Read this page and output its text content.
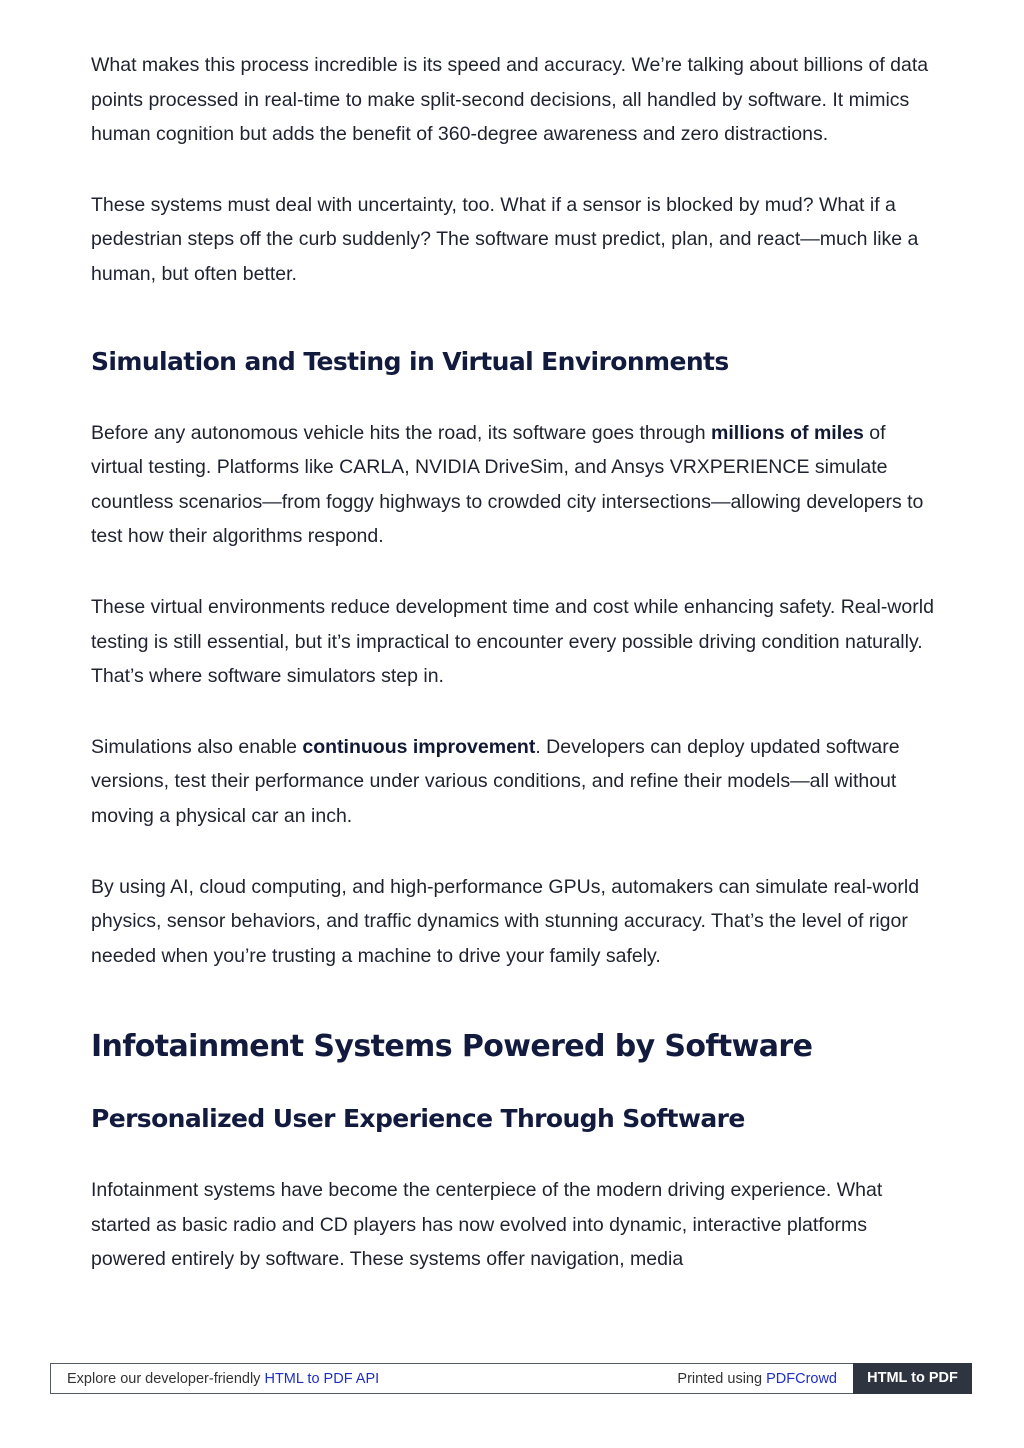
What makes this process incredible is its speed and accuracy. We’re talking about billions of data points processed in real-time to make split-second decisions, all handled by software. It mimics human cognition but adds the benefit of 360-degree awareness and zero distractions.

These systems must deal with uncertainty, too. What if a sensor is blocked by mud? What if a pedestrian steps off the curb suddenly? The software must predict, plan, and react—much like a human, but often better.

Simulation and Testing in Virtual Environments

Before any autonomous vehicle hits the road, its software goes through millions of miles of virtual testing. Platforms like CARLA, NVIDIA DriveSim, and Ansys VRXPERIENCE simulate countless scenarios—from foggy highways to crowded city intersections—allowing developers to test how their algorithms respond.

These virtual environments reduce development time and cost while enhancing safety. Real-world testing is still essential, but it’s impractical to encounter every possible driving condition naturally. That’s where software simulators step in.

Simulations also enable continuous improvement. Developers can deploy updated software versions, test their performance under various conditions, and refine their models—all without moving a physical car an inch.

By using AI, cloud computing, and high-performance GPUs, automakers can simulate real-world physics, sensor behaviors, and traffic dynamics with stunning accuracy. That’s the level of rigor needed when you’re trusting a machine to drive your family safely.

Infotainment Systems Powered by Software
Personalized User Experience Through Software

Infotainment systems have become the centerpiece of the modern driving experience. What started as basic radio and CD players has now evolved into dynamic, interactive platforms powered entirely by software. These systems offer navigation, media

Explore our developer-friendly HTML to PDF API	Printed using PDFCrowd	HTML to PDF
